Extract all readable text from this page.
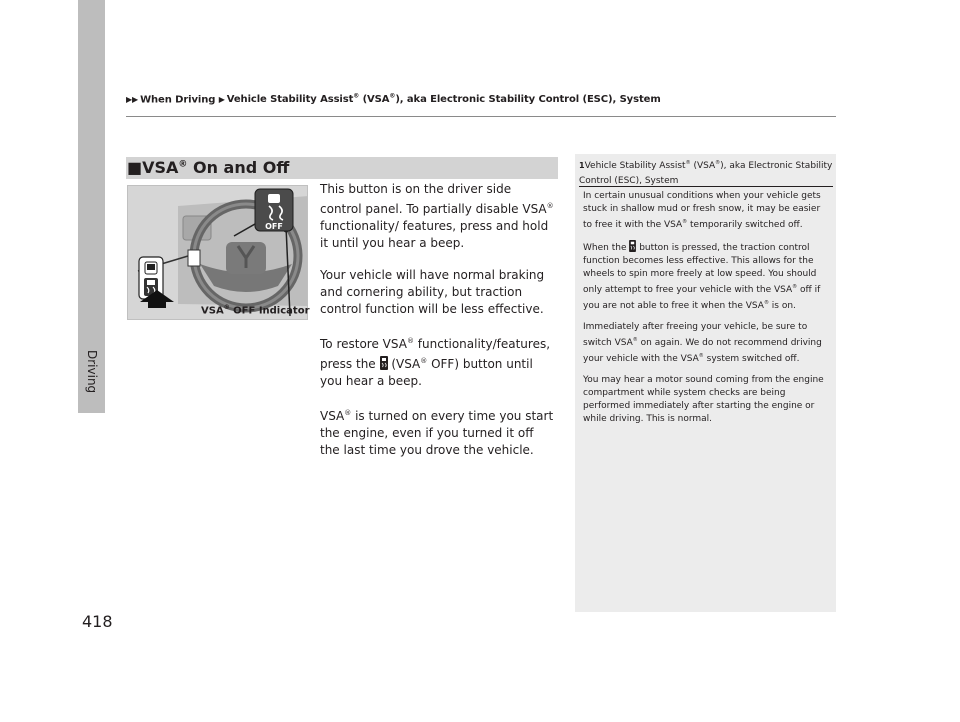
▶▶ When Driving ▶ Vehicle Stability Assist® (VSA®), aka Electronic Stability Control (ESC), System
Driving
418
■VSA® On and Off
OFF
VSA® OFF Indicator

This button is on the driver side control panel. To partially disable VSA® functionality/ features, press and hold it until you hear a beep.

Your vehicle will have normal braking and cornering ability, but traction control function will be less effective.

To restore VSA® functionality/features, press the  (VSA® OFF) button until you hear a beep.

VSA® is turned on every time you start the engine, even if you turned it off the last time you drove the vehicle.

1Vehicle Stability Assist® (VSA®), aka Electronic Stability Control (ESC), System

In certain unusual conditions when your vehicle gets stuck in shallow mud or fresh snow, it may be easier to free it with the VSA® temporarily switched off.

When the  button is pressed, the traction control function becomes less effective. This allows for the wheels to spin more freely at low speed. You should only attempt to free your vehicle with the VSA® off if you are not able to free it when the VSA® is on.

Immediately after freeing your vehicle, be sure to switch VSA® on again. We do not recommend driving your vehicle with the VSA® system switched off.

You may hear a motor sound coming from the engine compartment while system checks are being performed immediately after starting the engine or while driving. This is normal.
